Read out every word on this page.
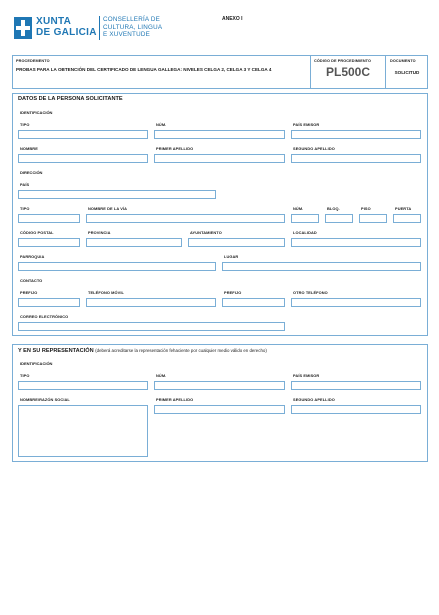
XUNTA
DE GALICIA
CONSELLERÍA DE
CULTURA, LINGUA
E XUVENTUDE
ANEXO I
PROCEDEMENTO
PROBAS PARA LA OBTENCIÓN DEL CERTIFICADO DE LENGUA GALLEGA: NIVELES CELGA 2, CELGA 3 Y CELGA 4
CÓDIGO DE PROCEDIMIENTO
PL500C
DOCUMENTO
SOLICITUD
DATOS DE LA PERSONA SOLICITANTE
IDENTIFICACIÓN
TIPO	NÚM.	PAÍS EMISOR
NOMBRE	PRIMER APELLIDO	SEGUNDO APELLIDO
DIRECCIÓN
PAÍS
TIPO	NOMBRE DE LA VÍA	NÚM.	BLOQ.	PISO	PUERTA
CÓDIGO POSTAL	PROVINCIA	AYUNTAMIENTO	LOCALIDAD
PARROQUIA	LUGAR
CONTACTO
PREFIJO	TELÉFONO MÓVIL	PREFIJO	OTRO TELÉFONO
CORREO ELECTRÓNICO
Y EN SU REPRESENTACIÓN (deberá acreditarse la representación fehaciente por cualquier medio válido en derecho)
IDENTIFICACIÓN
TIPO	NÚM.	PAÍS EMISOR
NOMBRE/RAZÓN SOCIAL	PRIMER APELLIDO	SEGUNDO APELLIDO
